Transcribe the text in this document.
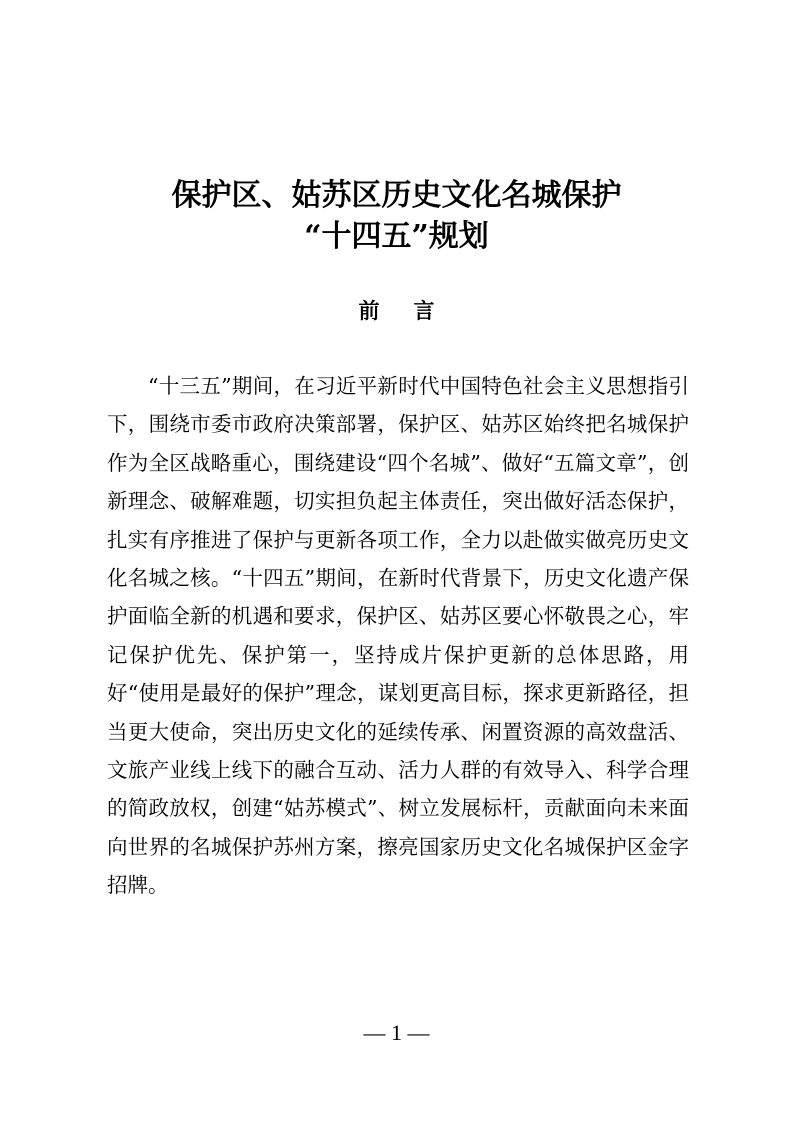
保护区、姑苏区历史文化名城保护
“十四五”规划
前言

“十三五”期间，在习近平新时代中国特色社会主义思想指引下，围绕市委市政府决策部署，保护区、姑苏区始终把名城保护作为全区战略重心，围绕建设“四个名城”、做好“五篇文章”，创新理念、破解难题，切实担负起主体责任，突出做好活态保护，扎实有序推进了保护与更新各项工作，全力以赴做实做亮历史文化名城之核。“十四五”期间，在新时代背景下，历史文化遗产保护面临全新的机遇和要求，保护区、姑苏区要心怀敬畏之心，牢记保护优先、保护第一，坚持成片保护更新的总体思路，用好“使用是最好的保护”理念，谋划更高目标，探求更新路径，担当更大使命，突出历史文化的延续传承、闲置资源的高效盘活、文旅产业线上线下的融合互动、活力人群的有效导入、科学合理的简政放权，创建“姑苏模式”、树立发展标杆，贡献面向未来面向世界的名城保护苏州方案，擦亮国家历史文化名城保护区金字招牌。

— 1 —
